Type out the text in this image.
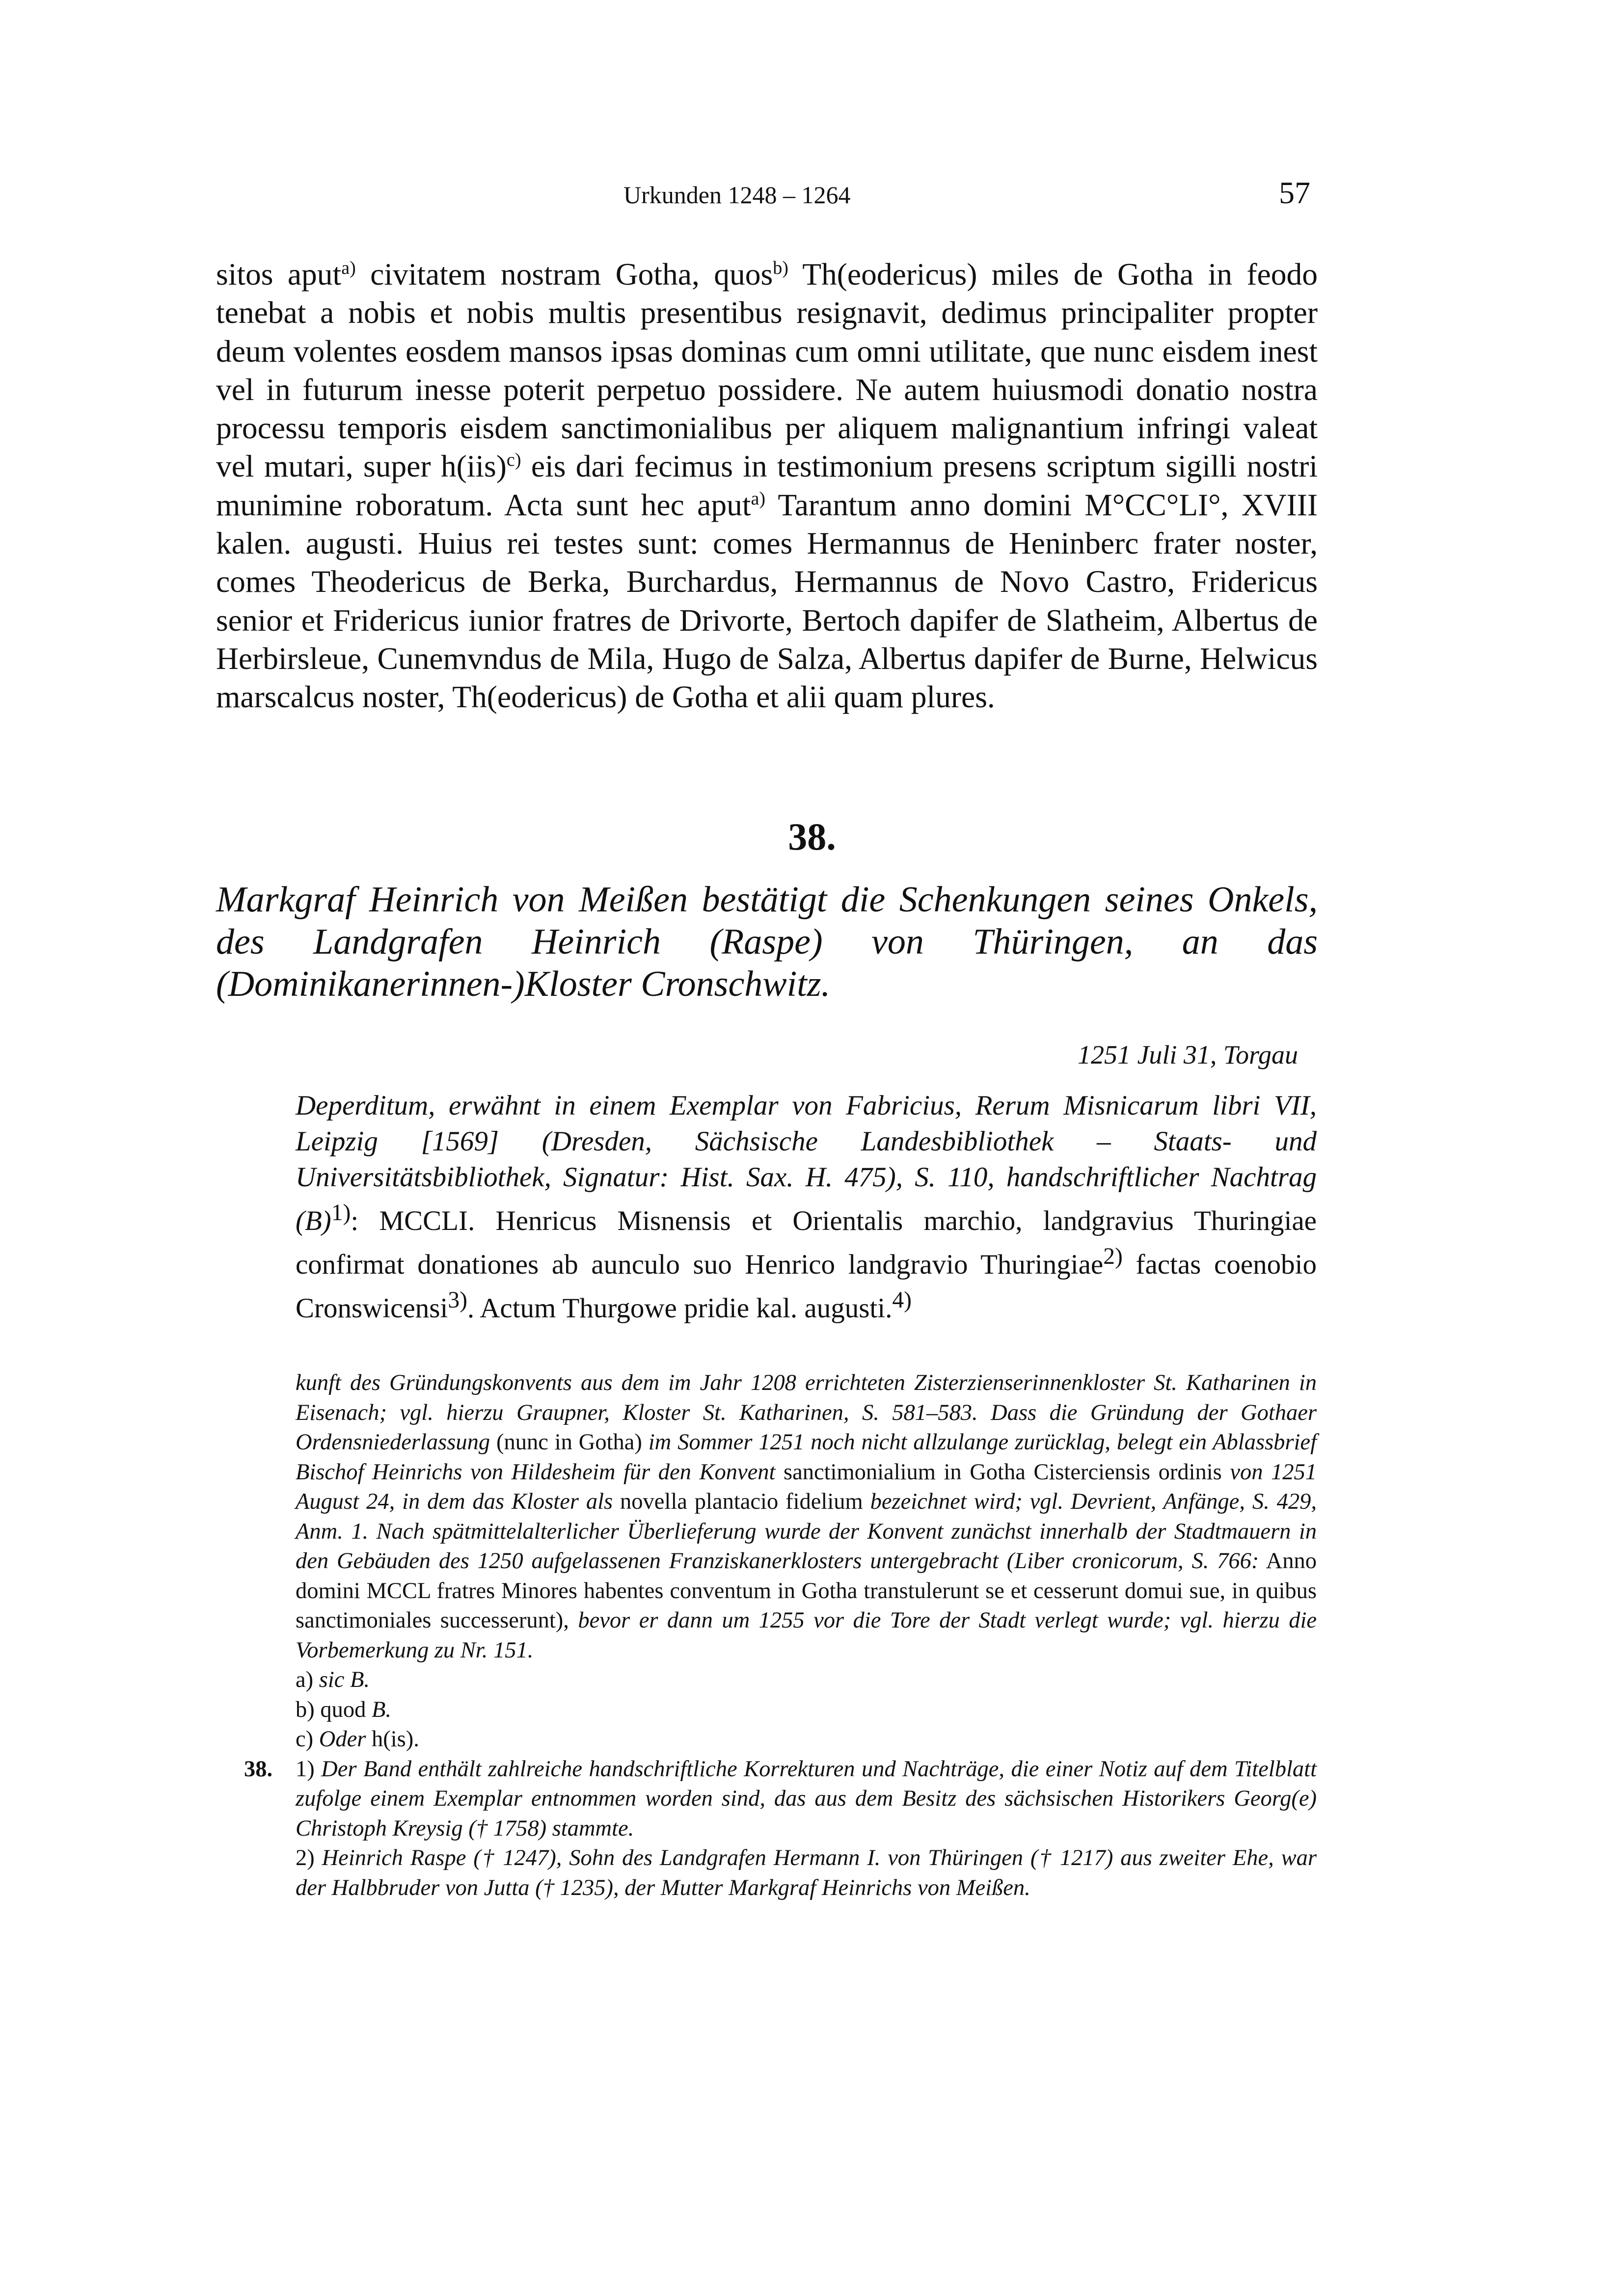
Urkunden 1248 – 1264	57

sitos aput$^{a)}$ civitatem nostram Gotha, quos$^{b)}$ Th(eodericus) miles de Gotha in feodo tenebat a nobis et nobis multis presentibus resignavit, dedimus principaliter propter deum volentes eosdem mansos ipsas dominas cum omni utilitate, que nunc eisdem inest vel in futurum inesse poterit perpetuo possidere. Ne autem huiusmodi donatio nostra processu temporis eisdem sanctimonialibus per aliquem malignantium infringi valeat vel mutari, super h(iis)$^{c)}$ eis dari fecimus in testimonium presens scriptum sigilli nostri munimine roboratum. Acta sunt hec aput$^{a)}$ Tarantum anno domini M°CC°LI°, XVIII kalen. augusti. Huius rei testes sunt: comes Hermannus de Heninberc frater noster, comes Theodericus de Berka, Burchardus, Hermannus de Novo Castro, Fridericus senior et Fridericus iunior fratres de Drivorte, Bertoch dapifer de Slatheim, Albertus de Herbirsleue, Cunemvndus de Mila, Hugo de Salza, Albertus dapifer de Burne, Helwicus marscalcus noster, Th(eodericus) de Gotha et alii quam plures.

38.

Markgraf Heinrich von Meißen bestätigt die Schenkungen seines Onkels, des Landgrafen Heinrich (Raspe) von Thüringen, an das (Dominikanerinnen-)Kloster Cronschwitz.

1251 Juli 31, Torgau

Deperditum, erwähnt in einem Exemplar von Fabricius, Rerum Misnicarum libri VII, Leipzig [1569] (Dresden, Sächsische Landesbibliothek – Staats- und Universitätsbibliothek, Signatur: Hist. Sax. H. 475), S. 110, handschriftlicher Nachtrag $(B)^{1)}$: MCCLI. Henricus Misnensis et Orientalis marchio, landgravius Thuringiae confirmat donationes ab aunculo suo Henrico landgravio Thuringiae$^{2)}$ factas coenobio Cronswicensi$^{3)}$. Actum Thurgowe pridie kal. augusti.$^{4)}$

kunft des Gründungskonvents aus dem im Jahr 1208 errichteten Zisterzienserinnenkloster St. Katharinen in Eisenach; vgl. hierzu Graupner, Kloster St. Katharinen, S. 581–583. Dass die Gründung der Gothaer Ordensniederlassung (nunc in Gotha) im Sommer 1251 noch nicht allzulange zurücklag, belegt ein Ablassbrief Bischof Heinrichs von Hildesheim für den Konvent sanctimonialium in Gotha Cisterciensis ordinis von 1251 August 24, in dem das Kloster als novella plantacio fidelium bezeichnet wird; vgl. Devrient, Anfänge, S. 429, Anm. 1. Nach spätmittelalterlicher Überlieferung wurde der Konvent zunächst innerhalb der Stadtmauern in den Gebäuden des 1250 aufgelassenen Franziskanerklosters untergebracht (Liber cronicorum, S. 766: Anno domini MCCL fratres Minores habentes conventum in Gotha transtulerunt se et cesserunt domui sue, in quibus sanctimoniales successerunt), bevor er dann um 1255 vor die Tore der Stadt verlegt wurde; vgl. hierzu die Vorbemerkung zu Nr. 151.

a) sic B.

b) quod B.

c) Oder h(is).

38. 1) Der Band enthält zahlreiche handschriftliche Korrekturen und Nachträge, die einer Notiz auf dem Titelblatt zufolge einem Exemplar entnommen worden sind, das aus dem Besitz des sächsischen Historikers Georg(e) Christoph Kreysig († 1758) stammte.

2) Heinrich Raspe († 1247), Sohn des Landgrafen Hermann I. von Thüringen († 1217) aus zweiter Ehe, war der Halbbruder von Jutta († 1235), der Mutter Markgraf Heinrichs von Meißen.
